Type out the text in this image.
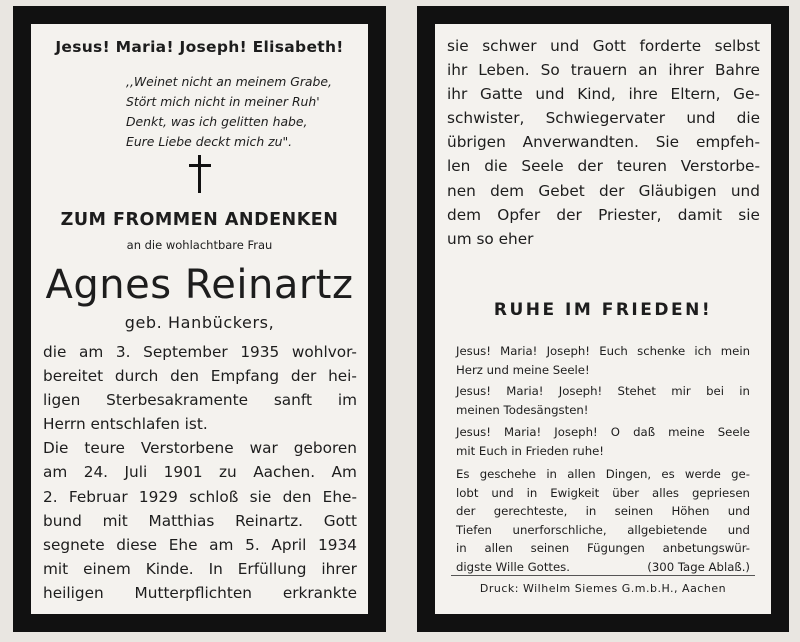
Jesus! Maria! Joseph! Elisabeth!
,,Weinet nicht an meinem Grabe,
Stört mich nicht in meiner Ruh'
Denkt, was ich gelitten habe,
Eure Liebe deckt mich zu".
ZUM FROMMEN ANDENKEN
an die wohlachtbare Frau
Agnes Reinartz
geb. Hanbückers,
die am 3. September 1935 wohlvor-
bereitet durch den Empfang der hei-
ligen Sterbesakramente sanft im
Herrn entschlafen ist.
Die teure Verstorbene war geboren
am 24. Juli 1901 zu Aachen. Am
2. Februar 1929 schloß sie den Ehe-
bund mit Matthias Reinartz. Gott
segnete diese Ehe am 5. April 1934
mit einem Kinde. In Erfüllung ihrer
heiligen Mutterpflichten erkrankte
sie schwer und Gott forderte selbst
ihr Leben. So trauern an ihrer Bahre
ihr Gatte und Kind, ihre Eltern, Ge-
schwister, Schwiegervater und die
übrigen Anverwandten. Sie empfeh-
len die Seele der teuren Verstorbe-
nen dem Gebet der Gläubigen und
dem Opfer der Priester, damit sie
um so eher
RUHE IM FRIEDEN!
Jesus! Maria! Joseph! Euch schenke ich mein
Herz und meine Seele!
Jesus! Maria! Joseph! Stehet mir bei in
meinen Todesängsten!
Jesus! Maria! Joseph! O daß meine Seele
mit Euch in Frieden ruhe!
Es geschehe in allen Dingen, es werde ge-
lobt und in Ewigkeit über alles gepriesen
der gerechteste, in seinen Höhen und
Tiefen unerforschliche, allgebietende und
in allen seinen Fügungen anbetungswür-
digste Wille Gottes.	(300 Tage Ablaß.)
Druck: Wilhelm Siemes G.m.b.H., Aachen
